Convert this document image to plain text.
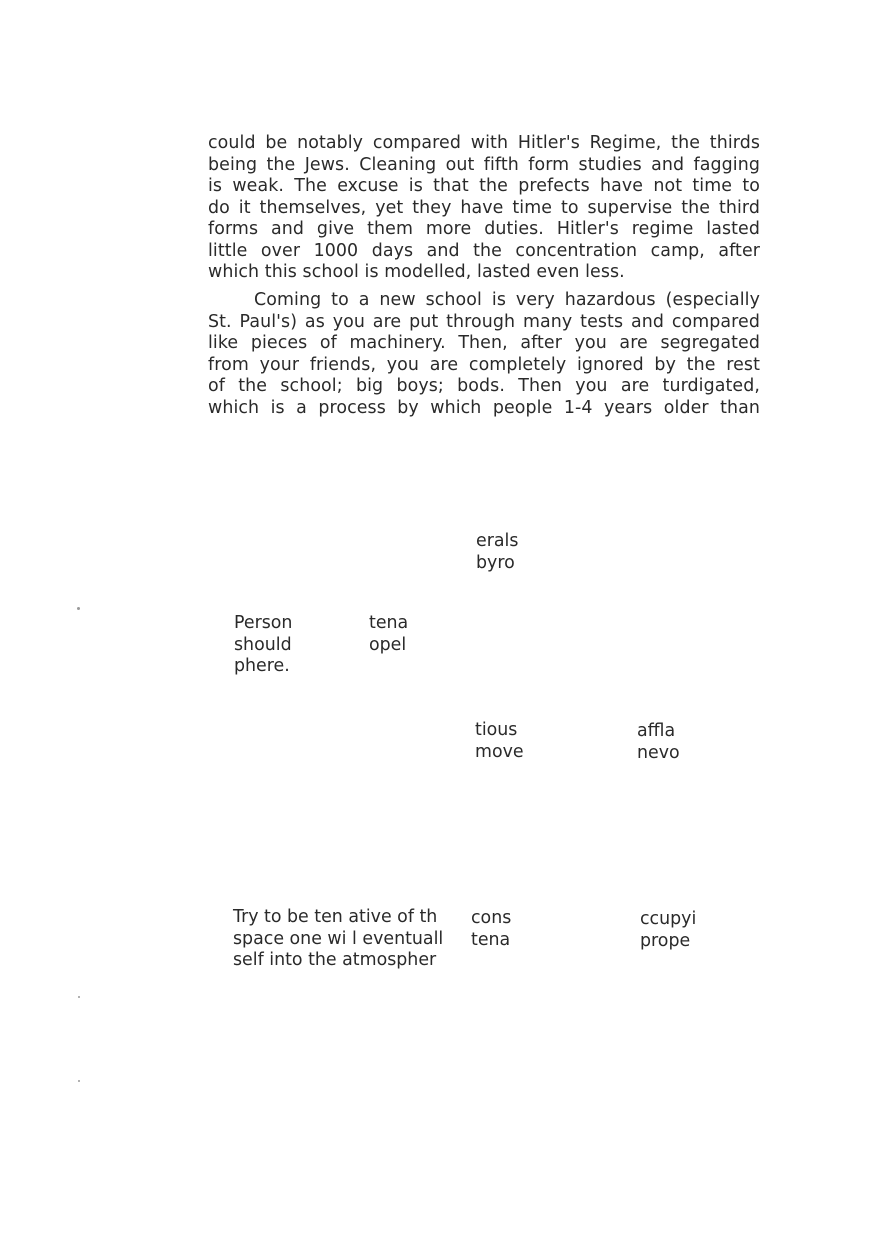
could be notably compared with Hitler's Regime, the thirds
being the Jews. Cleaning out fifth form studies and fagging
is weak. The excuse is that the prefects have not time to
do it themselves, yet they have time to supervise the third
forms and give them more duties. Hitler's regime lasted
little over 1000 days and the concentration camp, after
which this school is modelled, lasted even less.
Coming to a new school is very hazardous (especially
St. Paul's) as you are put through many tests and compared
like pieces of machinery. Then, after you are segregated
from your friends, you are completely ignored by the rest
of the school; big boys; bods. Then you are turdigated,
which is a process by which people 1-4 years older than
erals
byro
Person
should
phere.
tena
opel
tious
move
affla
nevo
Try to be ten ative of th
space one wi l eventuall
self into the atmospher
cons
tena
ccupyi
prope
